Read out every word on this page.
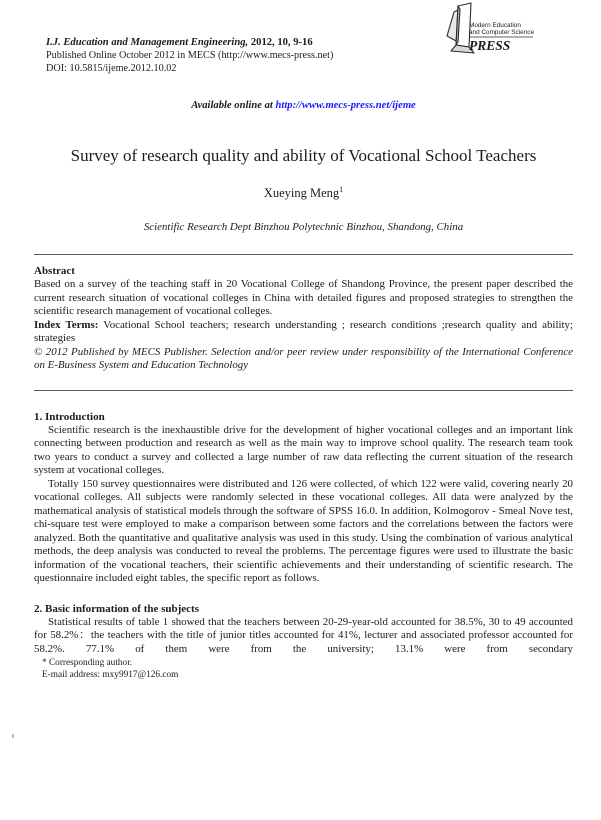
I.J. Education and Management Engineering, 2012, 10, 9-16
Published Online October 2012 in MECS (http://www.mecs-press.net)
DOI: 10.5815/ijeme.2012.10.02
Modern Education
and Computer Science
PRESS
Available online at http://www.mecs-press.net/ijeme
Survey of research quality and ability of Vocational School Teachers
Xueying Meng$^1$
Scientific Research Dept Binzhou Polytechnic Binzhou, Shandong, China
Abstract

Based on a survey of the teaching staff in 20 Vocational College of Shandong Province, the present paper described the current research situation of vocational colleges in China with detailed figures and proposed strategies to strengthen the scientific research management of vocational colleges.

Index Terms: Vocational School teachers; research understanding ; research conditions ;research quality and ability; strategies

© 2012 Published by MECS Publisher. Selection and/or peer review under responsibility of the International Conference on E-Business System and Education Technology

1. Introduction

Scientific research is the inexhaustible drive for the development of higher vocational colleges and an important link connecting between production and research as well as the main way to improve school quality. The research team took two years to conduct a survey and collected a large number of raw data reflecting the current situation of the research system at vocational colleges.

Totally 150 survey questionnaires were distributed and 126 were collected, of which 122 were valid, covering nearly 20 vocational colleges. All subjects were randomly selected in these vocational colleges. All data were analyzed by the mathematical analysis of statistical models through the software of SPSS 16.0. In addition, Kolmogorov - Smeal Nove test, chi-square test were employed to make a comparison between some factors and the correlations between the factors were analyzed. Both the quantitative and qualitative analysis was used in this study. Using the combination of various analytical methods, the deep analysis was conducted to reveal the problems. The percentage figures were used to illustrate the basic information of the vocational teachers, their scientific achievements and their understanding of scientific research. The questionnaire included eight tables, the specific report as follows.

2. Basic information of the subjects

Statistical results of table 1 showed that the teachers between 20-29-year-old accounted for 38.5%, 30 to 49 accounted for 58.2%：the teachers with the title of junior titles accounted for 41%, lecturer and associated professor accounted for 58.2%. 77.1% of them were from the university; 13.1% were from secondary

* Corresponding author.
E-mail address: mxy9917@126.com
